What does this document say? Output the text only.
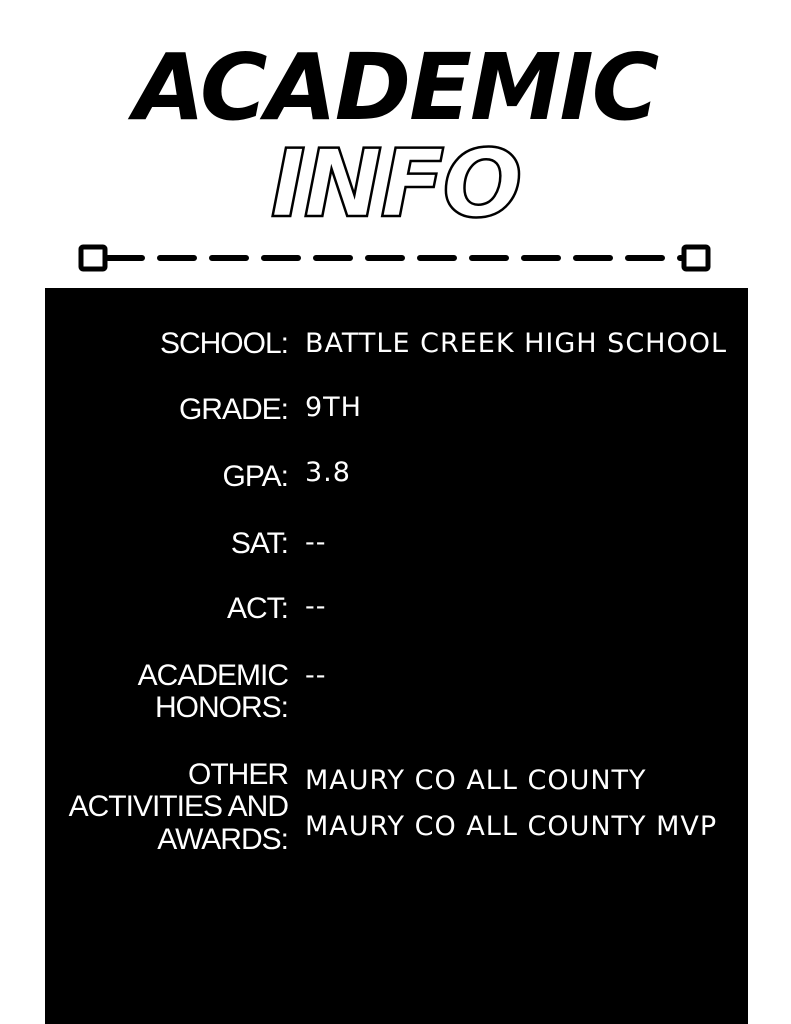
ACADEMIC
INFO
SCHOOL: BATTLE CREEK HIGH SCHOOL
GRADE: 9TH
GPA: 3.8
SAT: --
ACT: --
ACADEMIC
HONORS:
--
OTHER
ACTIVITIES AND
AWARDS:
MAURY CO ALL COUNTY
MAURY CO ALL COUNTY MVP
